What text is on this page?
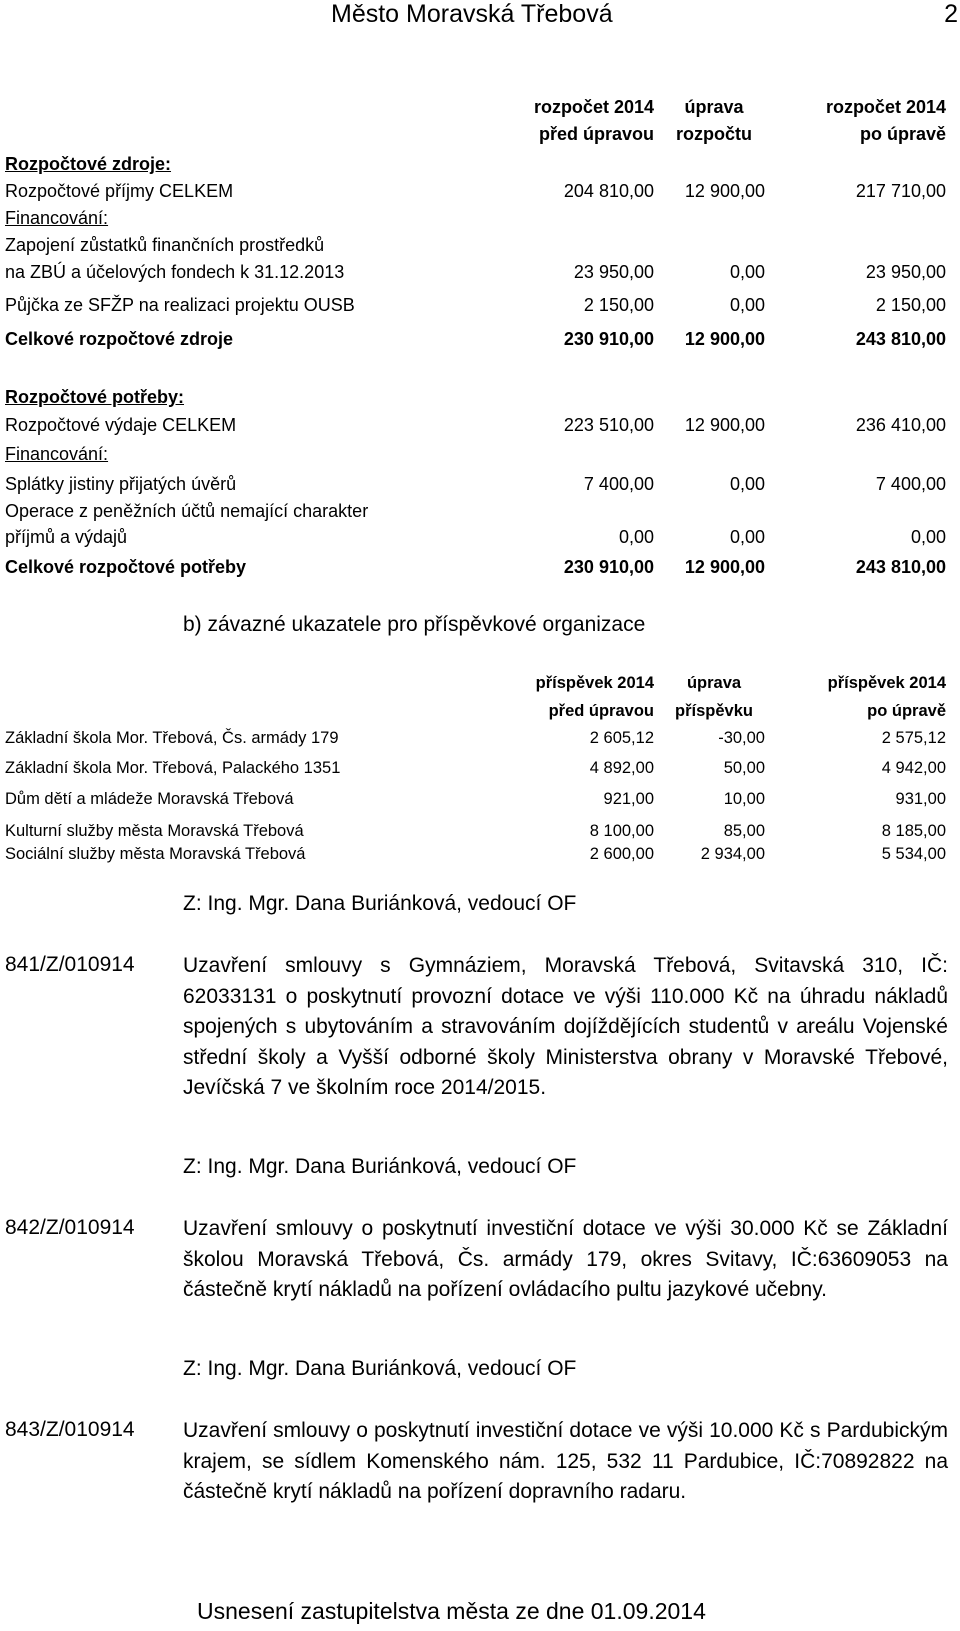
Město Moravská Třebová	2
rozpočet 2014
před úpravou
úprava
rozpočtu
rozpočet 2014
po úpravě
Rozpočtové zdroje:
Rozpočtové příjmy CELKEM	204 810,00	12 900,00	217 710,00
Financování:
Zapojení zůstatků finančních prostředků
na ZBÚ a účelových fondech k 31.12.2013	23 950,00	0,00	23 950,00
Půjčka ze SFŽP na realizaci projektu OUSB	2 150,00	0,00	2 150,00
Celkové rozpočtové zdroje	230 910,00	12 900,00	243 810,00
Rozpočtové potřeby:
Rozpočtové výdaje CELKEM	223 510,00	12 900,00	236 410,00
Financování:
Splátky jistiny přijatých úvěrů	7 400,00	0,00	7 400,00
Operace z peněžních účtů nemající charakter
příjmů a výdajů	0,00	0,00	0,00
Celkové rozpočtové potřeby	230 910,00	12 900,00	243 810,00
b) závazné ukazatele pro příspěvkové organizace
příspěvek 2014
před úpravou
úprava
příspěvku
příspěvek 2014
po úpravě
Základní škola Mor. Třebová, Čs. armády 179	2 605,12	-30,00	2 575,12
Základní škola Mor. Třebová, Palackého 1351	4 892,00	50,00	4 942,00
Dům dětí a mládeže Moravská Třebová	921,00	10,00	931,00
Kulturní služby města Moravská Třebová	8 100,00	85,00	8 185,00
Sociální služby města Moravská Třebová	2 600,00	2 934,00	5 534,00
Z: Ing. Mgr. Dana Buriánková, vedoucí OF
841/Z/010914 Uzavření smlouvy s Gymnáziem, Moravská Třebová, Svitavská 310, IČ: 62033131 o poskytnutí provozní dotace ve výši 110.000 Kč na úhradu nákladů spojených s ubytováním a stravováním dojíždějících studentů v areálu Vojenské střední školy a Vyšší odborné školy Ministerstva obrany v Moravské Třebové, Jevíčská 7 ve školním roce 2014/2015.
Z: Ing. Mgr. Dana Buriánková, vedoucí OF
842/Z/010914 Uzavření smlouvy o poskytnutí investiční dotace ve výši 30.000 Kč se Základní školou Moravská Třebová, Čs. armády 179, okres Svitavy, IČ:63609053 na částečně krytí nákladů na pořízení ovládacího pultu jazykové učebny.
Z: Ing. Mgr. Dana Buriánková, vedoucí OF
843/Z/010914 Uzavření smlouvy o poskytnutí investiční dotace ve výši 10.000 Kč s Pardubickým krajem, se sídlem Komenského nám. 125, 532 11 Pardubice, IČ:70892822 na částečně krytí nákladů na pořízení dopravního radaru.
Usnesení zastupitelstva města ze dne 01.09.2014
